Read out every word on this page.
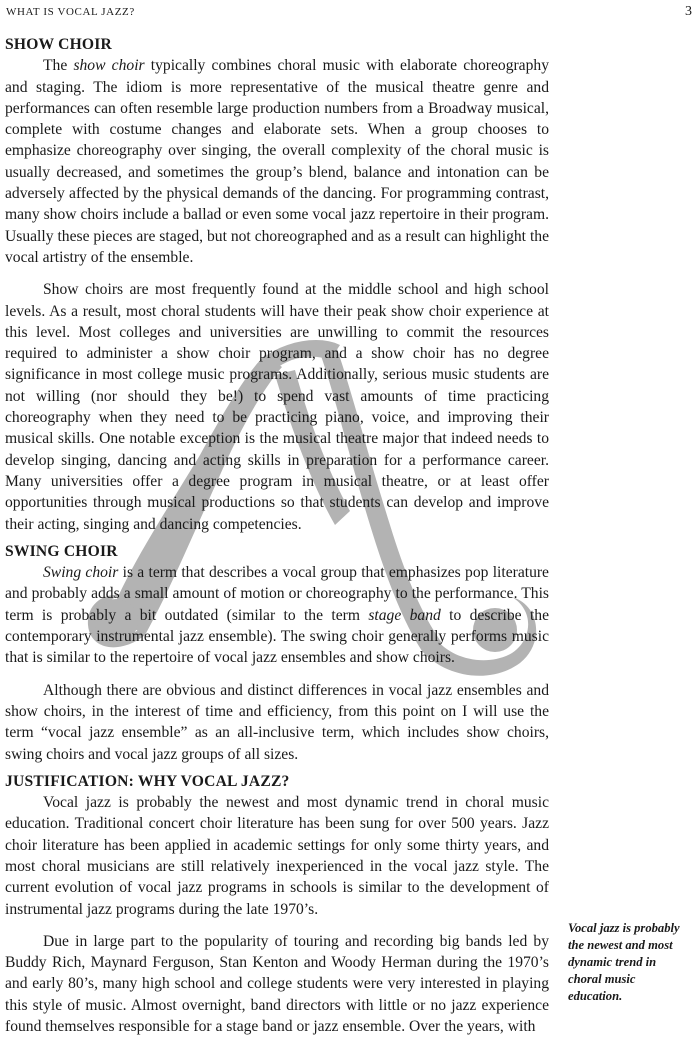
WHAT IS VOCAL JAZZ?	3
SHOW CHOIR

The show choir typically combines choral music with elaborate choreography and staging. The idiom is more representative of the musical theatre genre and performances can often resemble large production numbers from a Broadway musical, complete with costume changes and elaborate sets. When a group chooses to emphasize choreography over singing, the overall complexity of the choral music is usually decreased, and sometimes the group’s blend, balance and intonation can be adversely affected by the physical demands of the dancing. For programming contrast, many show choirs include a ballad or even some vocal jazz repertoire in their program. Usually these pieces are staged, but not choreographed and as a result can highlight the vocal artistry of the ensemble.

Show choirs are most frequently found at the middle school and high school levels. As a result, most choral students will have their peak show choir experience at this level. Most colleges and universities are unwilling to commit the resources required to administer a show choir program, and a show choir has no degree significance in most college music programs. Additionally, serious music students are not willing (nor should they be!) to spend vast amounts of time practicing choreography when they need to be practicing piano, voice, and improving their musical skills. One notable exception is the musical theatre major that indeed needs to develop singing, dancing and acting skills in preparation for a performance career. Many universities offer a degree program in musical theatre, or at least offer opportunities through musical productions so that students can develop and improve their acting, singing and dancing competencies.

SWING CHOIR

Swing choir is a term that describes a vocal group that emphasizes pop literature and probably adds a small amount of motion or choreography to the performance. This term is probably a bit outdated (similar to the term stage band to describe the contemporary instrumental jazz ensemble). The swing choir generally performs music that is similar to the repertoire of vocal jazz ensembles and show choirs.

Although there are obvious and distinct differences in vocal jazz ensembles and show choirs, in the interest of time and efficiency, from this point on I will use the term “vocal jazz ensemble” as an all-inclusive term, which includes show choirs, swing choirs and vocal jazz groups of all sizes.

JUSTIFICATION: WHY VOCAL JAZZ?

Vocal jazz is probably the newest and most dynamic trend in choral music education. Traditional concert choir literature has been sung for over 500 years. Jazz choir literature has been applied in academic settings for only some thirty years, and most choral musicians are still relatively inexperienced in the vocal jazz style. The current evolution of vocal jazz programs in schools is similar to the development of instrumental jazz programs during the late 1970’s.

Due in large part to the popularity of touring and recording big bands led by Buddy Rich, Maynard Ferguson, Stan Kenton and Woody Herman during the 1970’s and early 80’s, many high school and college students were very interested in playing this style of music. Almost overnight, band directors with little or no jazz experience found themselves responsible for a stage band or jazz ensemble. Over the years, with

Vocal jazz is probably the newest and most dynamic trend in choral music education.
